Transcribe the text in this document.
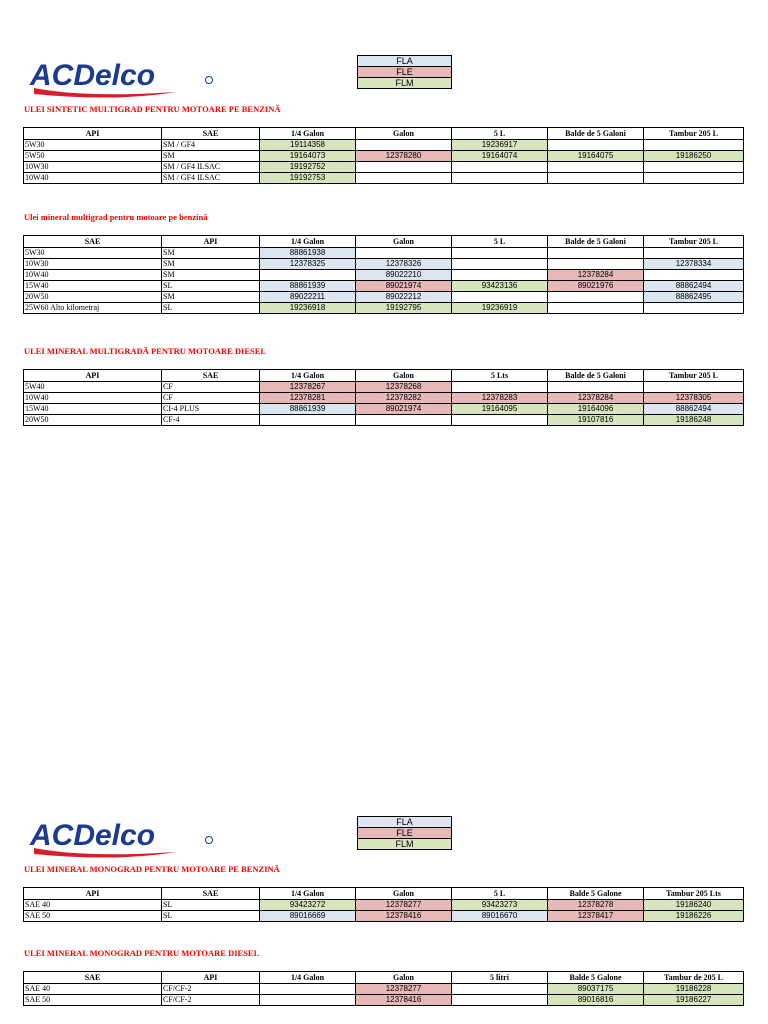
ACDelco	FLA
FLE
FLM

ULEI SINTETIC MULTIGRAD PENTRU MOTOARE PE BENZINĂ

API	SAE	1/4 Galon	Galon	5 L	Balde de 5 Galoni	Tambur 205 L
5W30	SM / GF4	19114358		19236917		
5W50	SM	19164073	12378280	19164074	19164075	19186250
10W30	SM / GF4 ILSAC	19192752				
10W40	SM / GF4 ILSAC	19192753				

Ulei mineral multigrad pentru motoare pe benzină

SAE	API	1/4 Galon	Galon	5 L	Balde de 5 Galoni	Tambur 205 L
5W30	SM	88861938				
10W30	SM	12378325	12378326			12378334
10W40	SM		89022210		12378284	
15W40	SL	88861939	89021974	93423136	89021976	88862494
20W50	SM	89022211	89022212			88862495
25W60 Alto kilometraj	SL	19236918	19192795	19236919		

ULEI MINERAL MULTIGRADĂ PENTRU MOTOARE DIESEL

API	SAE	1/4 Galon	Galon	5 Lts	Balde de 5 Galoni	Tambur 205 L
5W40	CF	12378267	12378268			
10W40	CF	12378281	12378282	12378283	12378284	12378305
15W40	CI-4 PLUS	88861939	89021974	19164095	19164096	88862494
20W50	CF-4				19107816	19186248
ACDelco	FLA
FLE
FLM

ULEI MINERAL MONOGRAD PENTRU MOTOARE PE BENZINĂ

API	SAE	1/4 Galon	Galon	5 L	Balde 5 Galone	Tambur 205 Lts
SAE 40	SL	93423272	12378277	93423273	12378278	19186240
SAE 50	SL	89016669	12378416	89016670	12378417	19186226

ULEI MINERAL MONOGRAD PENTRU MOTOARE DIESEL

SAE	API	1/4 Galon	Galon	5 litri	Balde 5 Galone	Tambur de 205 L
SAE 40	CF/CF-2		12378277		89037175	19186228
SAE 50	CF/CF-2		12378416		89016816	19186227
